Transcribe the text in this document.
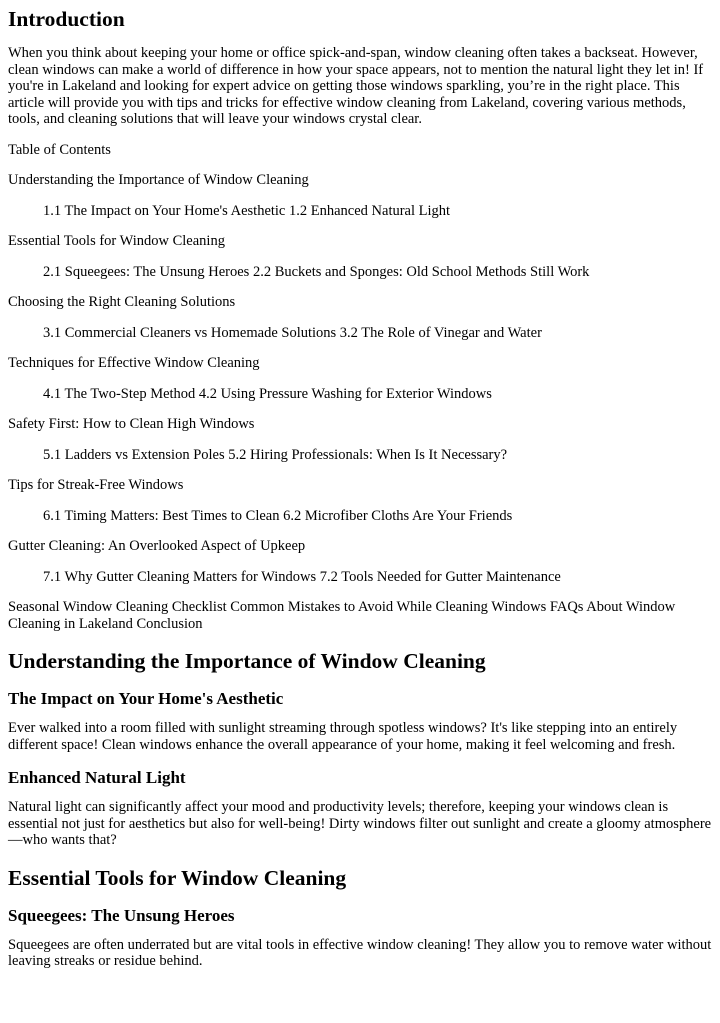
Introduction

When you think about keeping your home or office spick-and-span, window cleaning often takes a backseat. However, clean windows can make a world of difference in how your space appears, not to mention the natural light they let in! If you're in Lakeland and looking for expert advice on getting those windows sparkling, you’re in the right place. This article will provide you with tips and tricks for effective window cleaning from Lakeland, covering various methods, tools, and cleaning solutions that will leave your windows crystal clear.

Table of Contents

Understanding the Importance of Window Cleaning

1.1 The Impact on Your Home's Aesthetic 1.2 Enhanced Natural Light

Essential Tools for Window Cleaning

2.1 Squeegees: The Unsung Heroes 2.2 Buckets and Sponges: Old School Methods Still Work

Choosing the Right Cleaning Solutions

3.1 Commercial Cleaners vs Homemade Solutions 3.2 The Role of Vinegar and Water

Techniques for Effective Window Cleaning

4.1 The Two-Step Method 4.2 Using Pressure Washing for Exterior Windows

Safety First: How to Clean High Windows

5.1 Ladders vs Extension Poles 5.2 Hiring Professionals: When Is It Necessary?

Tips for Streak-Free Windows

6.1 Timing Matters: Best Times to Clean 6.2 Microfiber Cloths Are Your Friends

Gutter Cleaning: An Overlooked Aspect of Upkeep

7.1 Why Gutter Cleaning Matters for Windows 7.2 Tools Needed for Gutter Maintenance

Seasonal Window Cleaning Checklist Common Mistakes to Avoid While Cleaning Windows FAQs About Window Cleaning in Lakeland Conclusion

Understanding the Importance of Window Cleaning
The Impact on Your Home's Aesthetic

Ever walked into a room filled with sunlight streaming through spotless windows? It's like stepping into an entirely different space! Clean windows enhance the overall appearance of your home, making it feel welcoming and fresh.

Enhanced Natural Light

Natural light can significantly affect your mood and productivity levels; therefore, keeping your windows clean is essential not just for aesthetics but also for well-being! Dirty windows filter out sunlight and create a gloomy atmosphere—who wants that?

Essential Tools for Window Cleaning
Squeegees: The Unsung Heroes

Squeegees are often underrated but are vital tools in effective window cleaning! They allow you to remove water without leaving streaks or residue behind.
